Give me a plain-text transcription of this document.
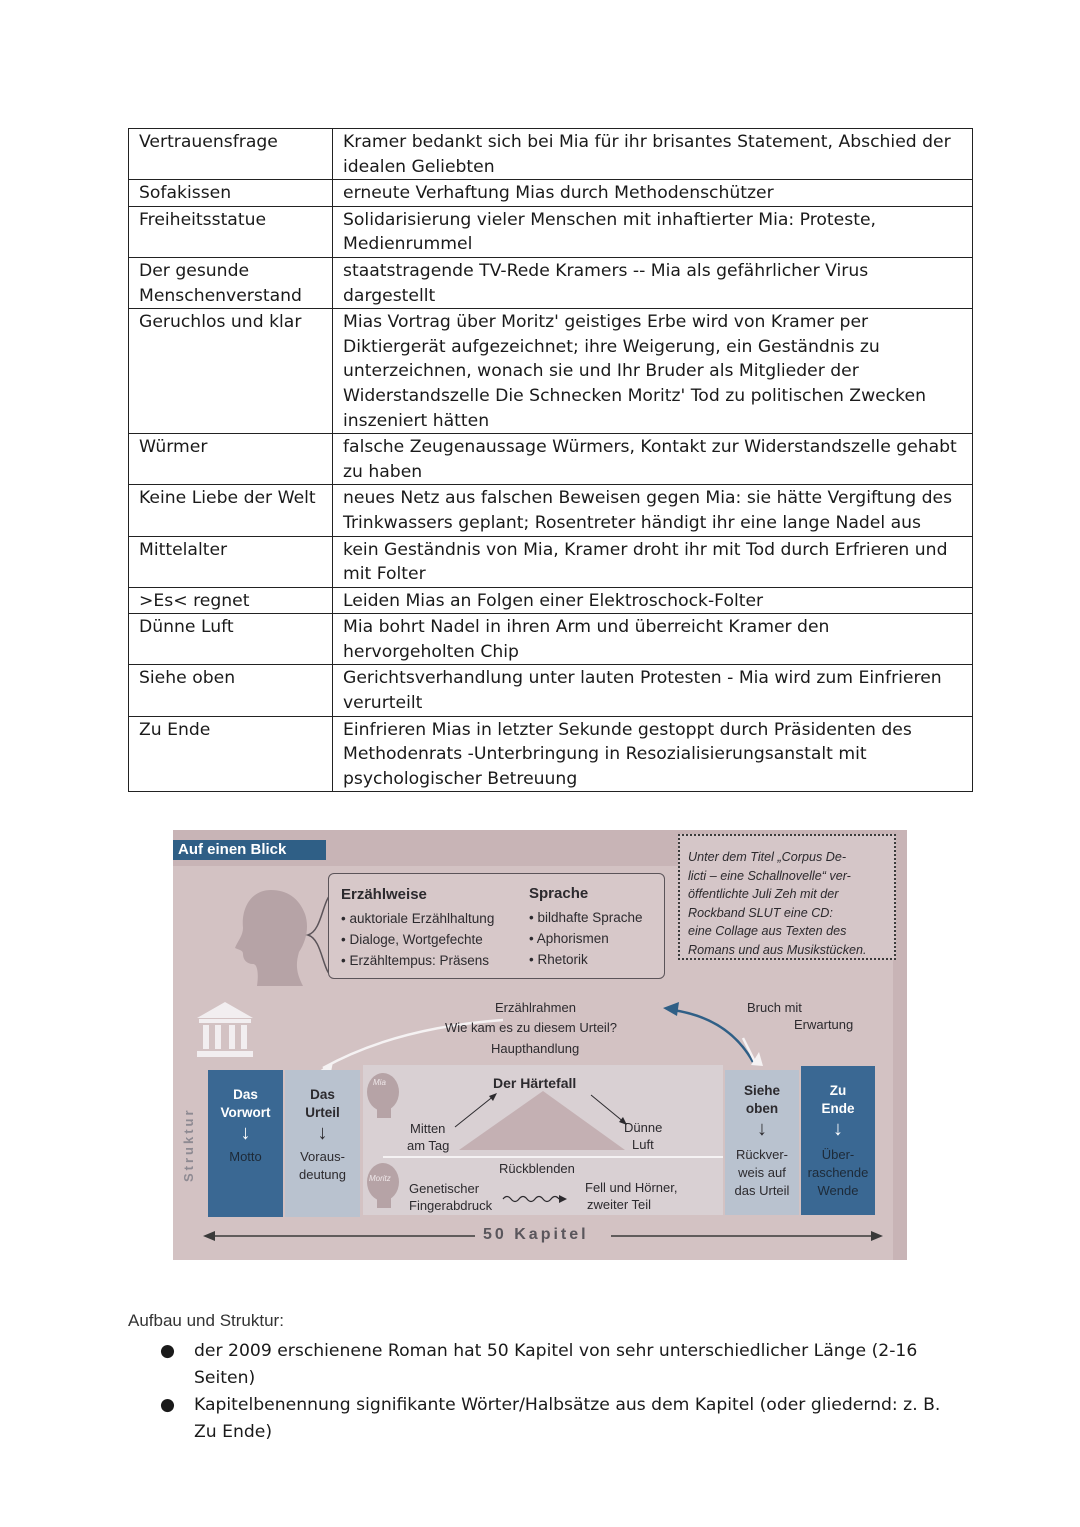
Vertrauensfrage	Kramer bedankt sich bei Mia für ihr brisantes Statement, Abschied der idealen Geliebten
Sofakissen	erneute Verhaftung Mias durch Methodenschützer
Freiheitsstatue	Solidarisierung vieler Menschen mit inhaftierter Mia: Proteste, Medienrummel
Der gesunde Menschenverstand	staatstragende TV-Rede Kramers -- Mia als gefährlicher Virus dargestellt
Geruchlos und klar	Mias Vortrag über Moritz' geistiges Erbe wird von Kramer per Diktiergerät aufgezeichnet; ihre Weigerung, ein Geständnis zu unterzeichnen, wonach sie und Ihr Bruder als Mitglieder der Widerstandszelle Die Schnecken Moritz' Tod zu politischen Zwecken inszeniert hätten
Würmer	falsche Zeugenaussage Würmers, Kontakt zur Widerstandszelle gehabt zu haben
Keine Liebe der Welt	neues Netz aus falschen Beweisen gegen Mia: sie hätte Vergiftung des Trinkwassers geplant; Rosentreter händigt ihr eine lange Nadel aus
Mittelalter	kein Geständnis von Mia, Kramer droht ihr mit Tod durch Erfrieren und mit Folter
>Es< regnet	Leiden Mias an Folgen einer Elektroschock-Folter
Dünne Luft	Mia bohrt Nadel in ihren Arm und überreicht Kramer den hervorgeholten Chip
Siehe oben	Gerichtsverhandlung unter lauten Protesten - Mia wird zum Einfrieren verurteilt
Zu Ende	Einfrieren Mias in letzter Sekunde gestoppt durch Präsidenten des Methodenrats -Unterbringung in Resozialisierungsanstalt mit psychologischer Betreuung
Auf einen Blick
Erzählweise
• auktoriale Erzählhaltung
• Dialoge, Wortgefechte
• Erzähltempus: Präsens
Sprache
• bildhafte Sprache
• Aphorismen
• Rhetorik
Unter dem Titel „Corpus De-
licti – eine Schallnovelle“ ver-
öffentlichte Juli Zeh mit der
Rockband SLUT eine CD:
eine Collage aus Texten des
Romans und aus Musikstücken.
Erzählrahmen
Wie kam es zu diesem Urteil?
Haupthandlung
Bruch mit
Erwartung
Struktur
Das
Vorwort
↓
Motto
Das
Urteil
↓
Voraus-
deutung
Mia
Moritz
Der Härtefall
Mitten
am Tag
Dünne
Luft
Rückblenden
Genetischer
Fingerabdruck
Fell und Hörner,
zweiter Teil
Siehe
oben
↓
Rückver-
weis auf
das Urteil
Zu
Ende
↓
Über-
raschende
Wende
50 Kapitel
Aufbau und Struktur:
●	der 2009 erschienene Roman hat 50 Kapitel von sehr unterschiedlicher Länge (2-16 Seiten)
●	Kapitelbenennung signifikante Wörter/Halbsätze aus dem Kapitel (oder gliedernd: z. B. Zu Ende)
